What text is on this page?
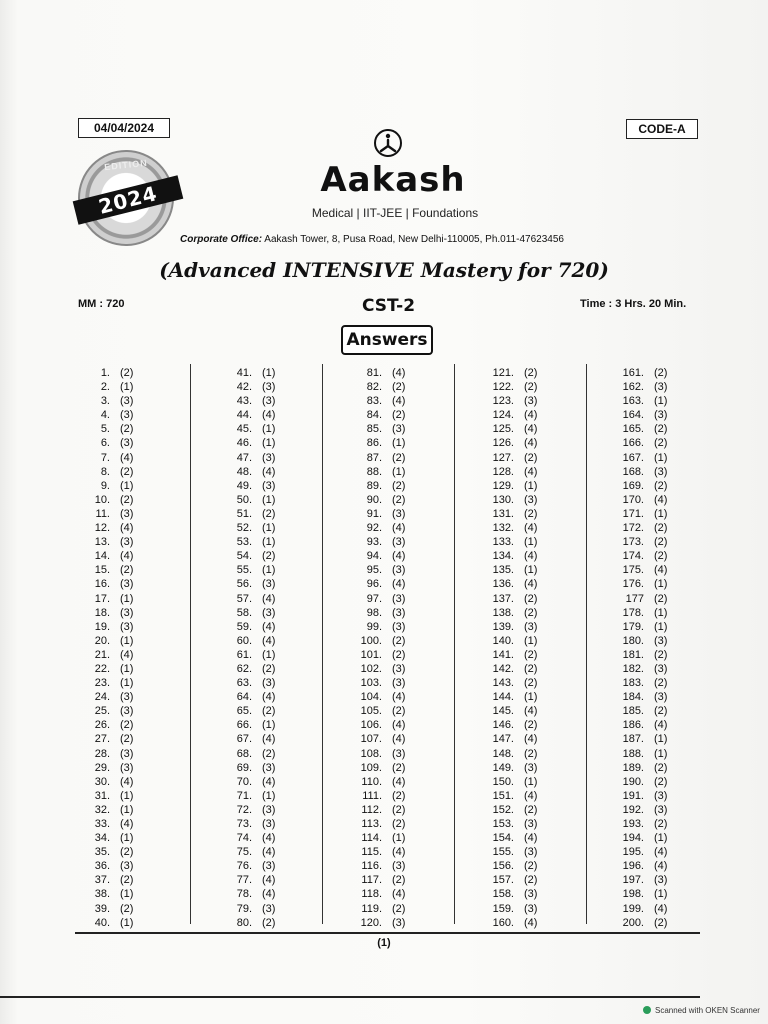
04/04/2024	CODE-A
EDITION
2024
Aakash
Medical | IIT-JEE | Foundations
Corporate Office: Aakash Tower, 8, Pusa Road, New Delhi-110005, Ph.011-47623456
(Advanced INTENSIVE Mastery for 720)
MM : 720	CST-2	Time : 3 Hrs. 20 Min.
Answers
1. (2)
2. (1)
3. (3)
4. (3)
5. (2)
6. (3)
7. (4)
8. (2)
9. (1)
10. (2)
11. (3)
12. (4)
13. (3)
14. (4)
15. (2)
16. (3)
17. (1)
18. (3)
19. (3)
20. (1)
21. (4)
22. (1)
23. (1)
24. (3)
25. (3)
26. (2)
27. (2)
28. (3)
29. (3)
30. (4)
31. (1)
32. (1)
33. (4)
34. (1)
35. (2)
36. (3)
37. (2)
38. (1)
39. (2)
40. (1)
41. (1)
42. (3)
43. (3)
44. (4)
45. (1)
46. (1)
47. (3)
48. (4)
49. (3)
50. (1)
51. (2)
52. (1)
53. (1)
54. (2)
55. (1)
56. (3)
57. (4)
58. (3)
59. (4)
60. (4)
61. (1)
62. (2)
63. (3)
64. (4)
65. (2)
66. (1)
67. (4)
68. (2)
69. (3)
70. (4)
71. (1)
72. (3)
73. (3)
74. (4)
75. (4)
76. (3)
77. (4)
78. (4)
79. (3)
80. (2)
81. (4)
82. (2)
83. (4)
84. (2)
85. (3)
86. (1)
87. (2)
88. (1)
89. (2)
90. (2)
91. (3)
92. (4)
93. (3)
94. (4)
95. (3)
96. (4)
97. (3)
98. (3)
99. (3)
100. (2)
101. (2)
102. (3)
103. (3)
104. (4)
105. (2)
106. (4)
107. (4)
108. (3)
109. (2)
110. (4)
111. (2)
112. (2)
113. (2)
114. (1)
115. (4)
116. (3)
117. (2)
118. (4)
119. (2)
120. (3)
121. (2)
122. (2)
123. (3)
124. (4)
125. (4)
126. (4)
127. (2)
128. (4)
129. (1)
130. (3)
131. (2)
132. (4)
133. (1)
134. (4)
135. (1)
136. (4)
137. (2)
138. (2)
139. (3)
140. (1)
141. (2)
142. (2)
143. (2)
144. (1)
145. (4)
146. (2)
147. (4)
148. (2)
149. (3)
150. (1)
151. (4)
152. (2)
153. (3)
154. (4)
155. (3)
156. (2)
157. (2)
158. (3)
159. (3)
160. (4)
161. (2)
162. (3)
163. (1)
164. (3)
165. (2)
166. (2)
167. (1)
168. (3)
169. (2)
170. (4)
171. (1)
172. (2)
173. (2)
174. (2)
175. (4)
176. (1)
177 (2)
178. (1)
179. (1)
180. (3)
181. (2)
182. (3)
183. (2)
184. (3)
185. (2)
186. (4)
187. (1)
188. (1)
189. (2)
190. (2)
191. (3)
192. (3)
193. (2)
194. (1)
195. (4)
196. (4)
197. (3)
198. (1)
199. (4)
200. (2)
(1)
Scanned with OKEN Scanner
